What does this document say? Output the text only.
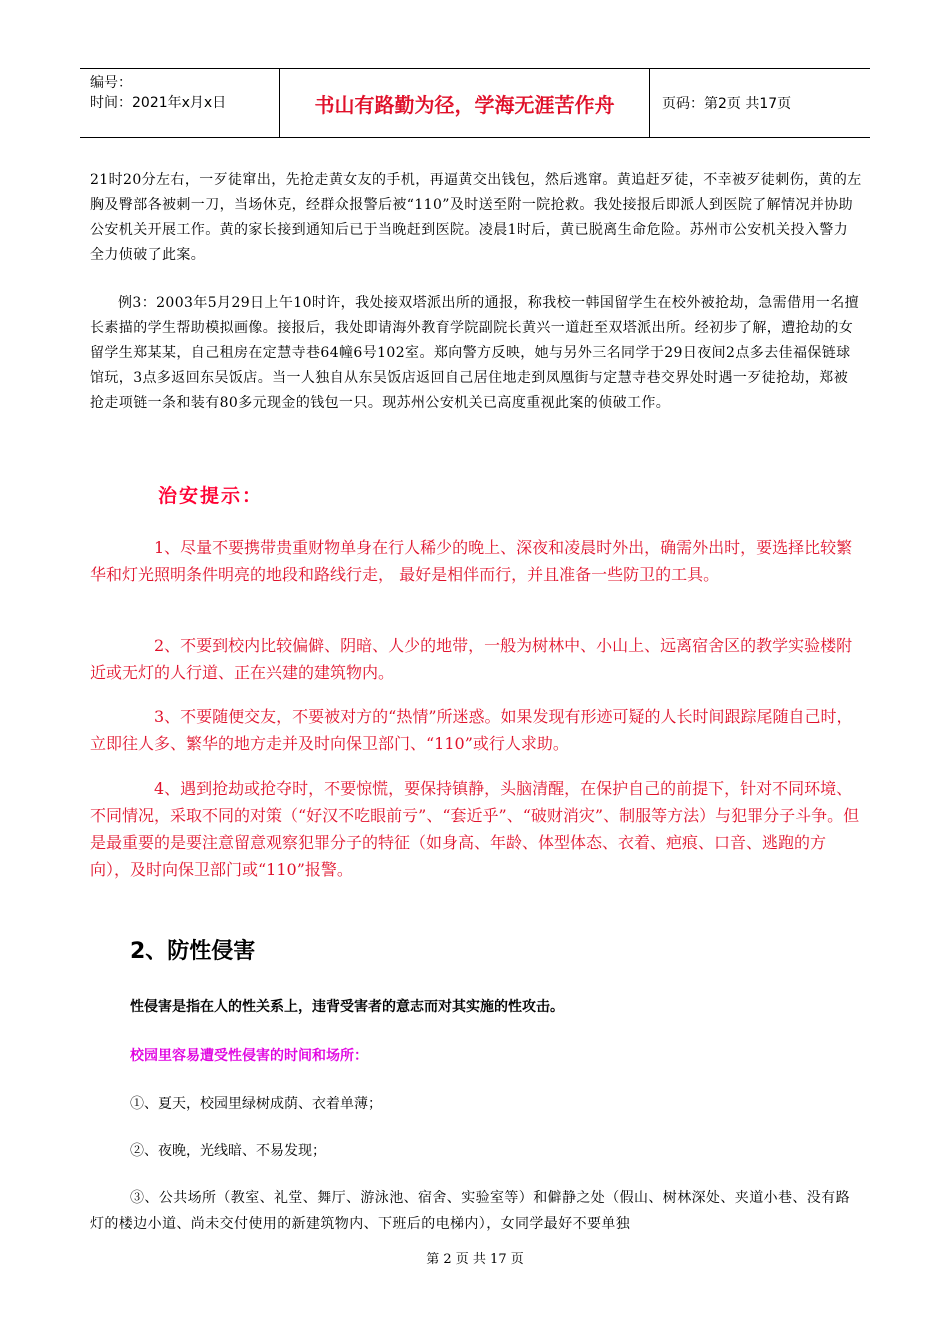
编号：
时间：2021年x月x日	书山有路勤为径，学海无涯苦作舟	页码：第2页 共17页

21时20分左右，一歹徒窜出，先抢走黄女友的手机，再逼黄交出钱包，然后逃窜。黄追赶歹徒，不幸被歹徒刺伤，黄的左胸及臀部各被刺一刀，当场休克，经群众报警后被“110”及时送至附一院抢救。我处接报后即派人到医院了解情况并协助公安机关开展工作。黄的家长接到通知后已于当晚赶到医院。凌晨1时后，黄已脱离生命危险。苏州市公安机关投入警力全力侦破了此案。

例3：2003年5月29日上午10时许，我处接双塔派出所的通报，称我校一韩国留学生在校外被抢劫，急需借用一名擅长素描的学生帮助模拟画像。接报后，我处即请海外教育学院副院长黄兴一道赶至双塔派出所。经初步了解，遭抢劫的女留学生郑某某，自己租房在定慧寺巷64幢6号102室。郑向警方反映，她与另外三名同学于29日夜间2点多去佳福保链球馆玩，3点多返回东吴饭店。当一人独自从东吴饭店返回自己居住地走到凤凰街与定慧寺巷交界处时遇一歹徒抢劫，郑被抢走项链一条和装有80多元现金的钱包一只。现苏州公安机关已高度重视此案的侦破工作。

治安提示：

1、尽量不要携带贵重财物单身在行人稀少的晚上、深夜和凌晨时外出，确需外出时，要选择比较繁华和灯光照明条件明亮的地段和路线行走， 最好是相伴而行，并且准备一些防卫的工具。

2、不要到校内比较偏僻、阴暗、人少的地带，一般为树林中、小山上、远离宿舍区的教学实验楼附近或无灯的人行道、正在兴建的建筑物内。

3、不要随便交友，不要被对方的“热情”所迷惑。如果发现有形迹可疑的人长时间跟踪尾随自己时，立即往人多、繁华的地方走并及时向保卫部门、“110”或行人求助。

4、遇到抢劫或抢夺时，不要惊慌，要保持镇静，头脑清醒，在保护自己的前提下，针对不同环境、不同情况，采取不同的对策（“好汉不吃眼前亏”、“套近乎”、“破财消灾”、制服等方法）与犯罪分子斗争。但是最重要的是要注意留意观察犯罪分子的特征（如身高、年龄、体型体态、衣着、疤痕、口音、逃跑的方向），及时向保卫部门或“110”报警。

2、防性侵害

性侵害是指在人的性关系上，违背受害者的意志而对其实施的性攻击。

校园里容易遭受性侵害的时间和场所：

①、夏天，校园里绿树成荫、衣着单薄；

②、夜晚，光线暗、不易发现；

③、公共场所（教室、礼堂、舞厅、游泳池、宿舍、实验室等）和僻静之处（假山、树林深处、夹道小巷、没有路灯的楼边小道、尚未交付使用的新建筑物内、下班后的电梯内），女同学最好不要单独

第 2 页 共 17 页
